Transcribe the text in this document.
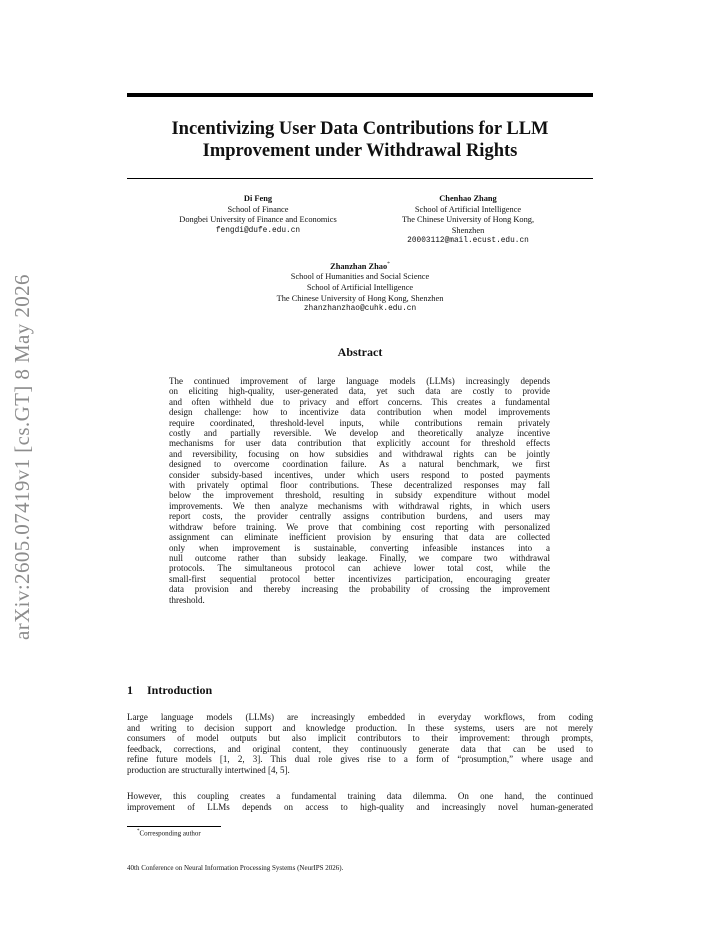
arXiv:2605.07419v1 [cs.GT] 8 May 2026
Incentivizing User Data Contributions for LLM
Improvement under Withdrawal Rights
Di Feng
School of Finance
Dongbei University of Finance and Economics
fengdi@dufe.edu.cn
Chenhao Zhang
School of Artificial Intelligence
The Chinese University of Hong Kong,
Shenzhen
20003112@mail.ecust.edu.cn
Zhanzhan Zhao*
School of Humanities and Social Science
School of Artificial Intelligence
The Chinese University of Hong Kong, Shenzhen
zhanzhanzhao@cuhk.edu.cn
Abstract
The continued improvement of large language models (LLMs) increasingly depends
on eliciting high-quality, user-generated data, yet such data are costly to provide
and often withheld due to privacy and effort concerns. This creates a fundamental
design challenge: how to incentivize data contribution when model improvements
require coordinated, threshold-level inputs, while contributions remain privately
costly and partially reversible. We develop and theoretically analyze incentive
mechanisms for user data contribution that explicitly account for threshold effects
and reversibility, focusing on how subsidies and withdrawal rights can be jointly
designed to overcome coordination failure. As a natural benchmark, we first
consider subsidy-based incentives, under which users respond to posted payments
with privately optimal floor contributions. These decentralized responses may fall
below the improvement threshold, resulting in subsidy expenditure without model
improvements. We then analyze mechanisms with withdrawal rights, in which users
report costs, the provider centrally assigns contribution burdens, and users may
withdraw before training. We prove that combining cost reporting with personalized
assignment can eliminate inefficient provision by ensuring that data are collected
only when improvement is sustainable, converting infeasible instances into a
null outcome rather than subsidy leakage. Finally, we compare two withdrawal
protocols. The simultaneous protocol can achieve lower total cost, while the
small-first sequential protocol better incentivizes participation, encouraging greater
data provision and thereby increasing the probability of crossing the improvement
threshold.
1 Introduction
Large language models (LLMs) are increasingly embedded in everyday workflows, from coding
and writing to decision support and knowledge production. In these systems, users are not merely
consumers of model outputs but also implicit contributors to their improvement: through prompts,
feedback, corrections, and original content, they continuously generate data that can be used to
refine future models [1, 2, 3]. This dual role gives rise to a form of “prosumption,” where usage and
production are structurally intertwined [4, 5].
However, this coupling creates a fundamental training data dilemma. On one hand, the continued
improvement of LLMs depends on access to high-quality and increasingly novel human-generated
*Corresponding author
40th Conference on Neural Information Processing Systems (NeurIPS 2026).
